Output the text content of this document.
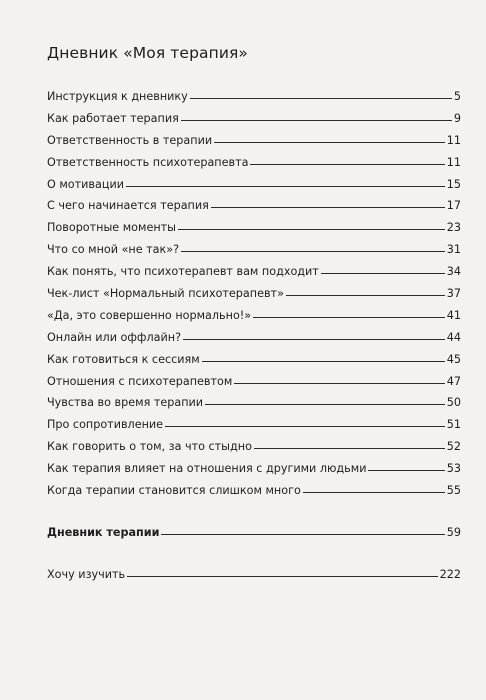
Дневник «Моя терапия»
Инструкция к дневнику	5
Как работает терапия	9
Ответственность в терапии	11
Ответственность психотерапевта	11
О мотивации	15
С чего начинается терапия	17
Поворотные моменты	23
Что со мной «не так»?	31
Как понять, что психотерапевт вам подходит	34
Чек-лист «Нормальный психотерапевт»	37
«Да, это совершенно нормально!»	41
Онлайн или оффлайн?	44
Как готовиться к сессиям	45
Отношения с психотерапевтом	47
Чувства во время терапии	50
Про сопротивление	51
Как говорить о том, за что стыдно	52
Как терапия влияет на отношения с другими людьми	53
Когда терапии становится слишком много	55
Дневник терапии	59
Хочу изучить	222
